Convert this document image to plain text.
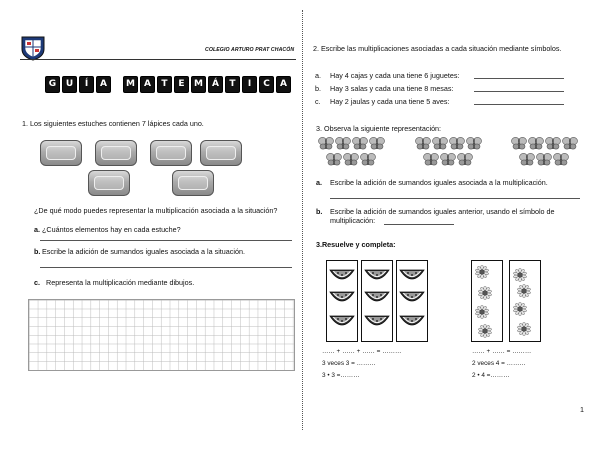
COLEGIO ARTURO PRAT CHACÓN
G	U	Í	A	M	A	T	E	M	Á	T	I	C	A
1. Los siguientes estuches contienen 7 lápices cada uno.
¿De qué modo puedes representar la multiplicación asociada a la situación?
a. ¿Cuántos elementos hay en cada estuche?
b. Escribe la adición de sumandos iguales asociada a la situación.
c. Representa la multiplicación mediante dibujos.
2. Escribe las multiplicaciones asociadas a cada situación mediante símbolos.
a. Hay 4 cajas y cada una tiene 6 juguetes:
b. Hay 3 salas y cada una tiene 8 mesas:
c. Hay 2 jaulas y cada una tiene 5 aves:
3. Observa la siguiente representación:
a. Escribe la adición de sumandos iguales asociada a la multiplicación.
b. Escribe la adición de sumandos iguales anterior, usando el símbolo de
multiplicación:
3.Resuelve y completa:
…… + …… + …… = ………
3 veces 3 = ………
3 • 3 =………
…… + …… = ………
2 veces 4 = ………
2 • 4 =………
1
